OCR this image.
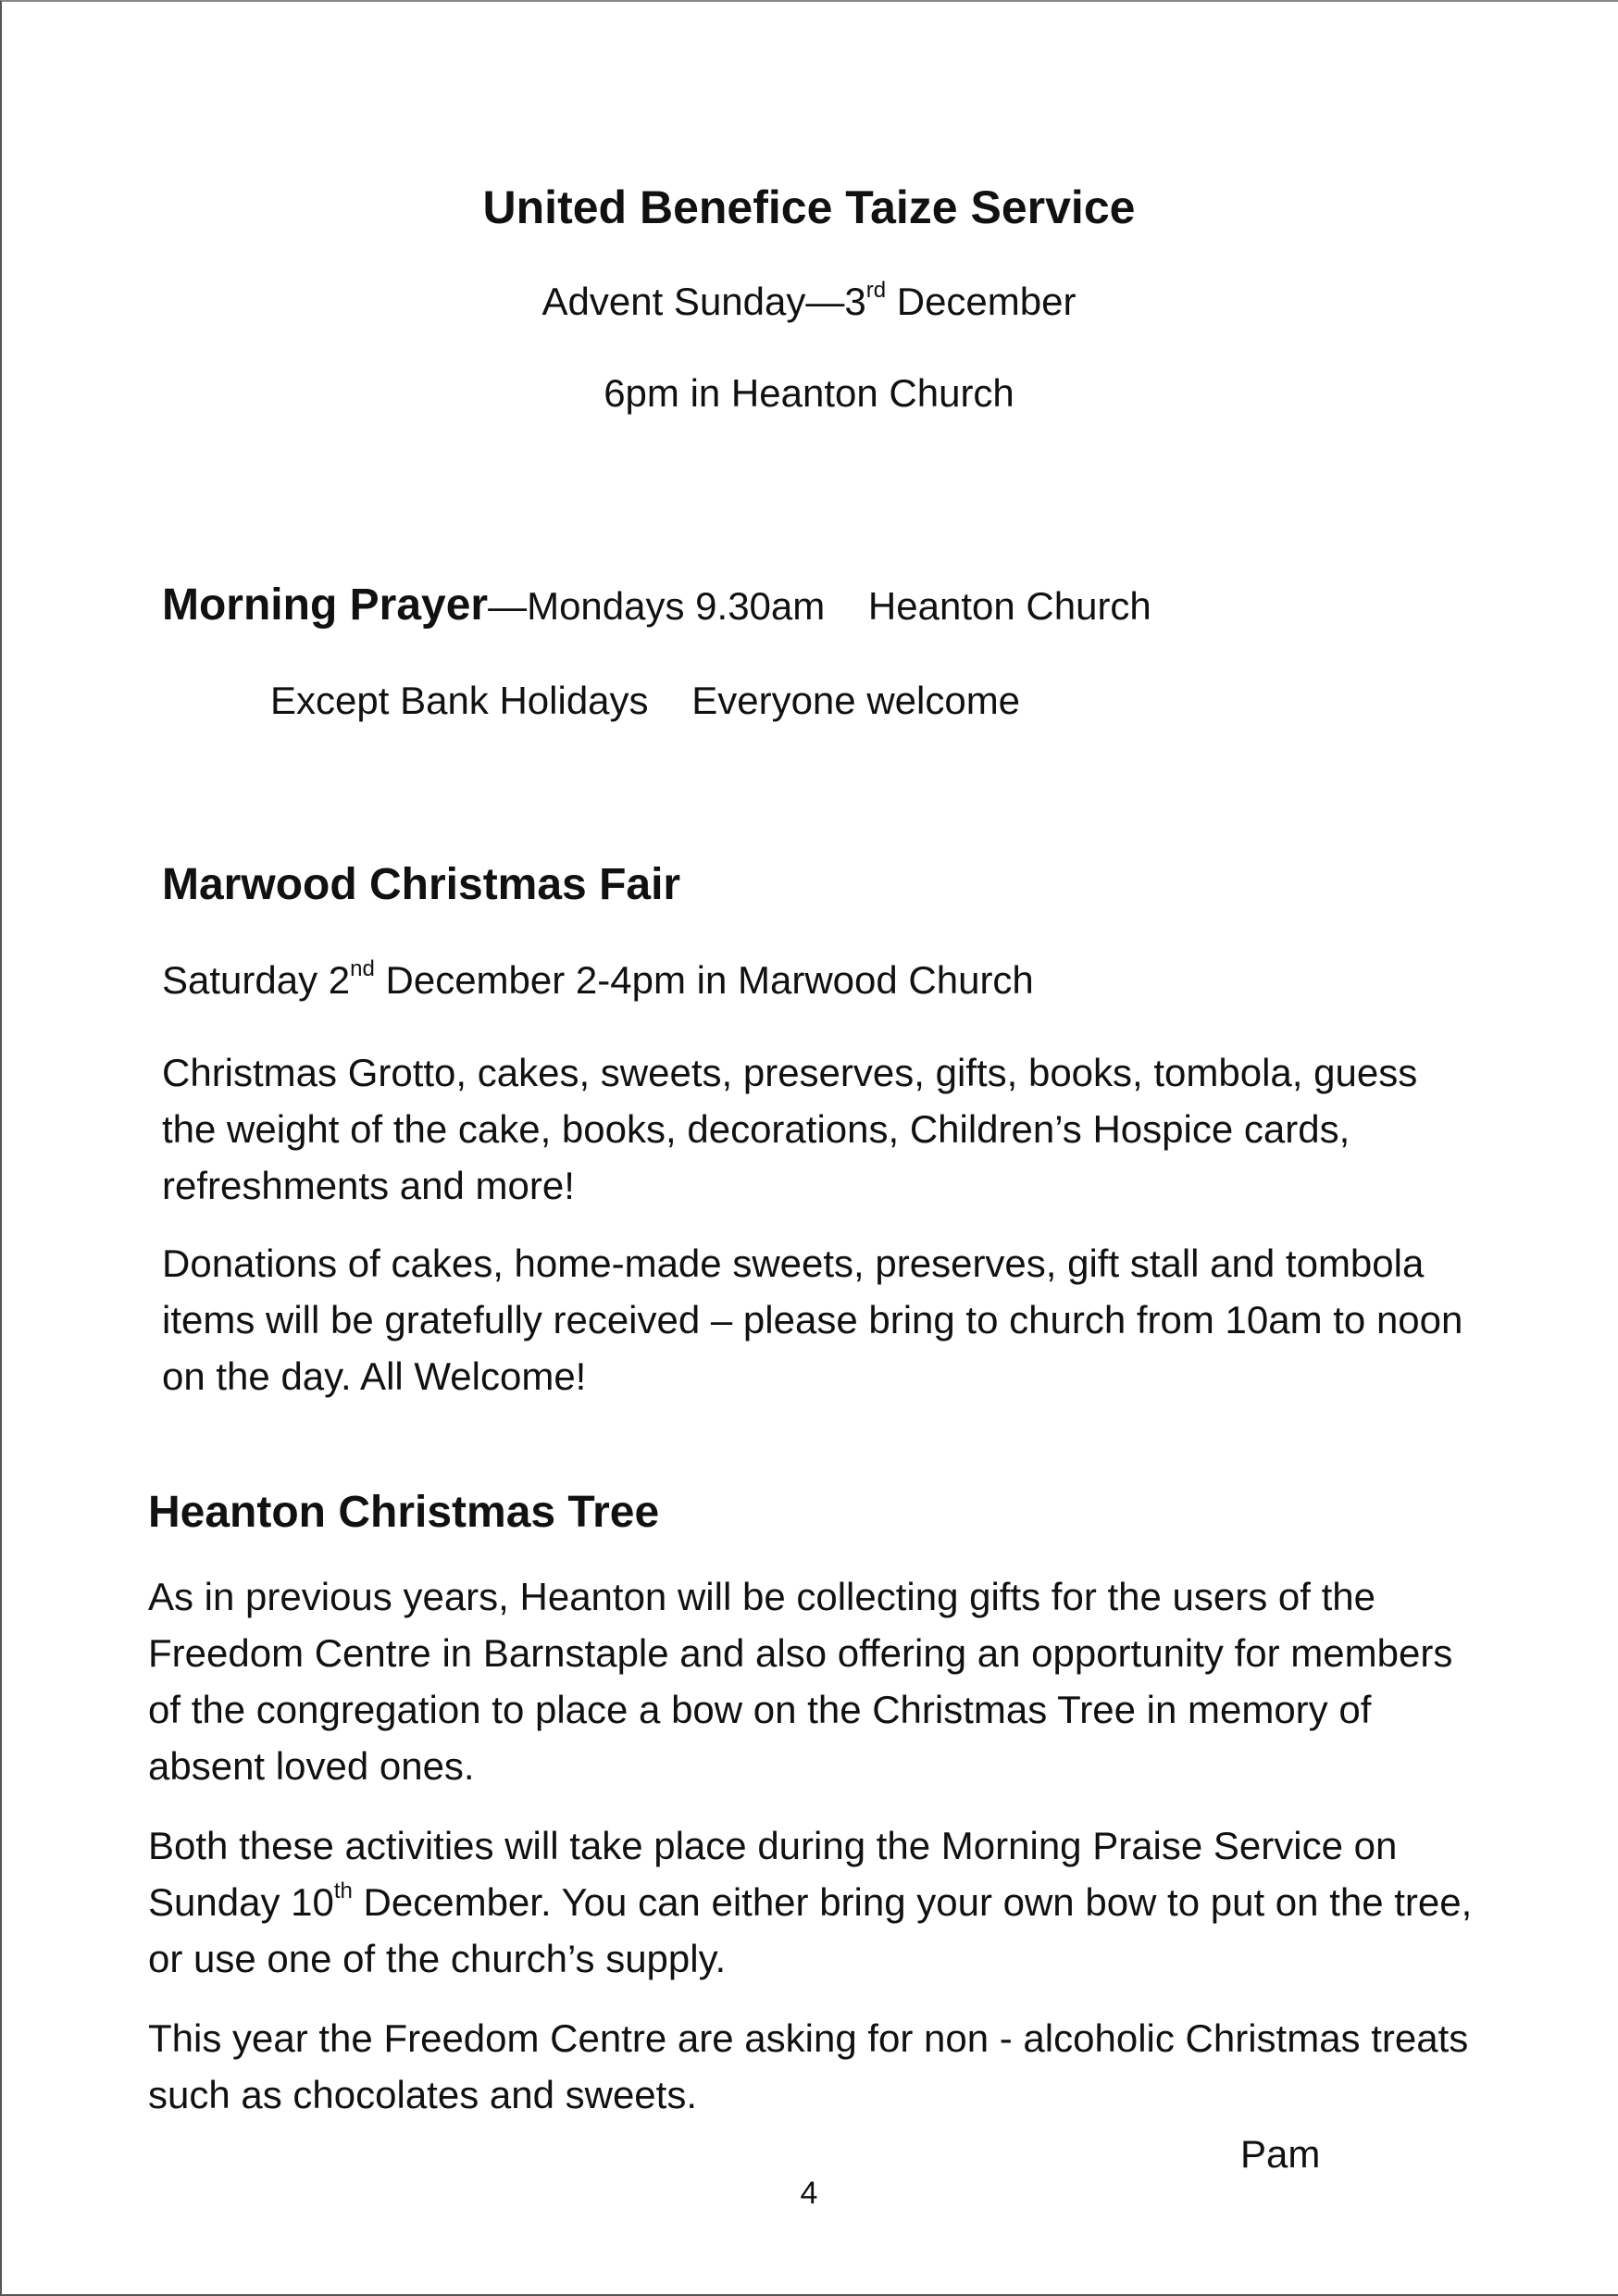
United Benefice Taize Service
Advent Sunday—3rd December
6pm in Heanton Church
Morning Prayer—Mondays 9.30am    Heanton Church
Except Bank Holidays    Everyone welcome
Marwood Christmas Fair
Saturday 2nd December 2-4pm in Marwood Church
Christmas Grotto, cakes, sweets, preserves, gifts, books, tombola, guess the weight of the cake, books, decorations, Children’s Hospice cards, refreshments and more!
Donations of cakes, home-made sweets, preserves, gift stall and tombola items will be gratefully received – please bring to church from 10am to noon on the day. All Welcome!
Heanton Christmas Tree
As in previous years, Heanton will be collecting gifts for the users of the Freedom Centre in Barnstaple and also offering an opportunity for members of the congregation to place a bow on the Christmas Tree in memory of absent loved ones.
Both these activities will take place during the Morning Praise Service on Sunday 10th December. You can either bring your own bow to put on the tree, or use one of the church’s supply.
This year the Freedom Centre are asking for non - alcoholic Christmas treats such as chocolates and sweets.
Pam
4
